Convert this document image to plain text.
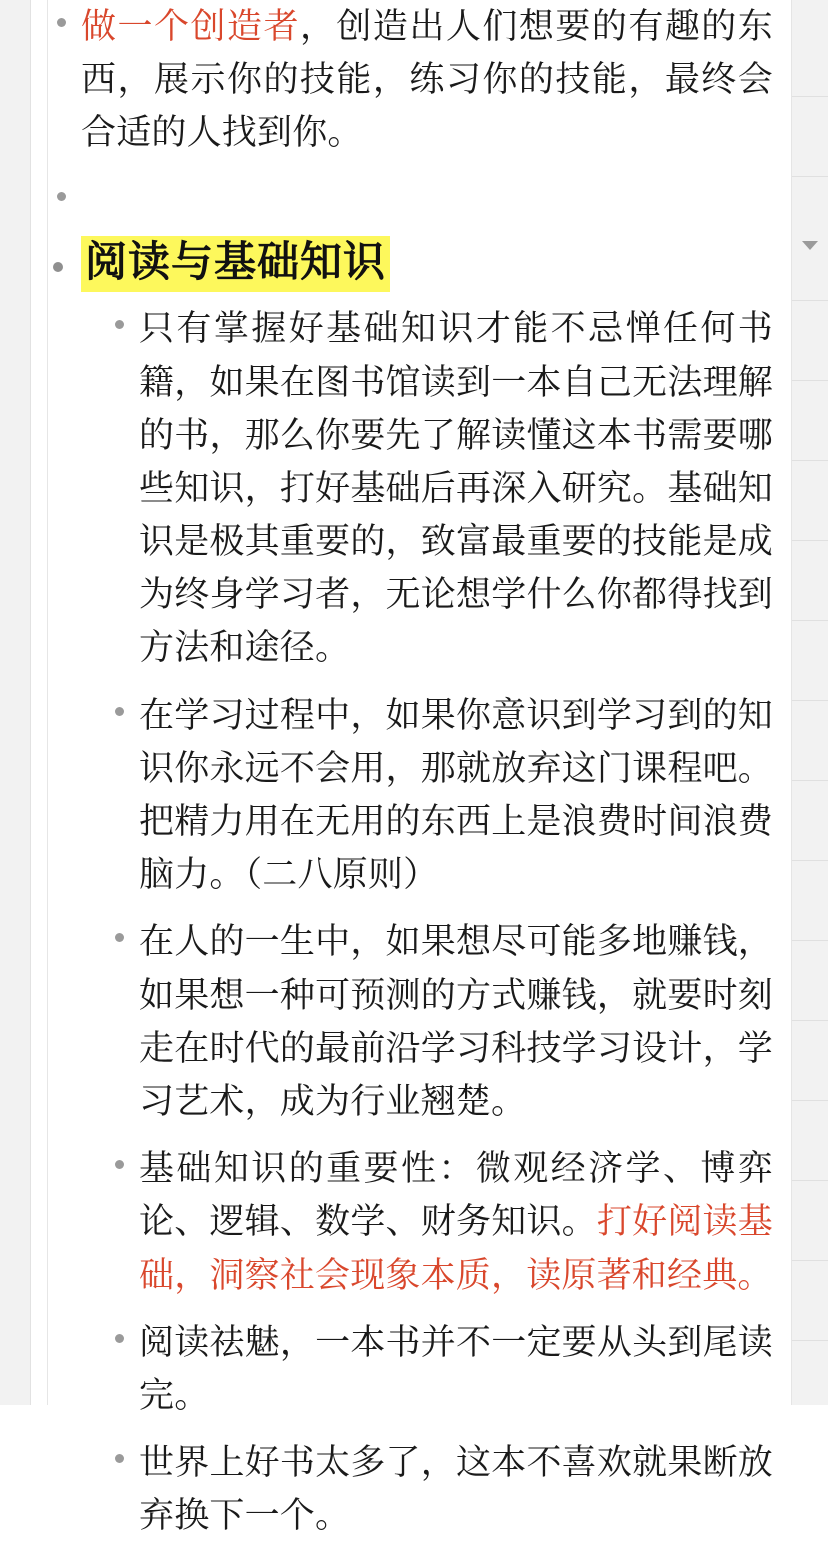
做一个创造者，创造出人们想要的有趣的东西，展示你的技能，练习你的技能，最终会合适的人找到你。
阅读与基础知识
只有掌握好基础知识才能不忌惮任何书籍，如果在图书馆读到一本自己无法理解的书，那么你要先了解读懂这本书需要哪些知识，打好基础后再深入研究。基础知识是极其重要的，致富最重要的技能是成为终身学习者，无论想学什么你都得找到方法和途径。
在学习过程中，如果你意识到学习到的知识你永远不会用，那就放弃这门课程吧。把精力用在无用的东西上是浪费时间浪费脑力。（二八原则）
在人的一生中，如果想尽可能多地赚钱，如果想一种可预测的方式赚钱，就要时刻走在时代的最前沿学习科技学习设计，学习艺术，成为行业翘楚。
基础知识的重要性：微观经济学、博弈论、逻辑、数学、财务知识。打好阅读基础，洞察社会现象本质，读原著和经典。
阅读祛魅，一本书并不一定要从头到尾读完。
世界上好书太多了，这本不喜欢就果断放弃换下一个。
